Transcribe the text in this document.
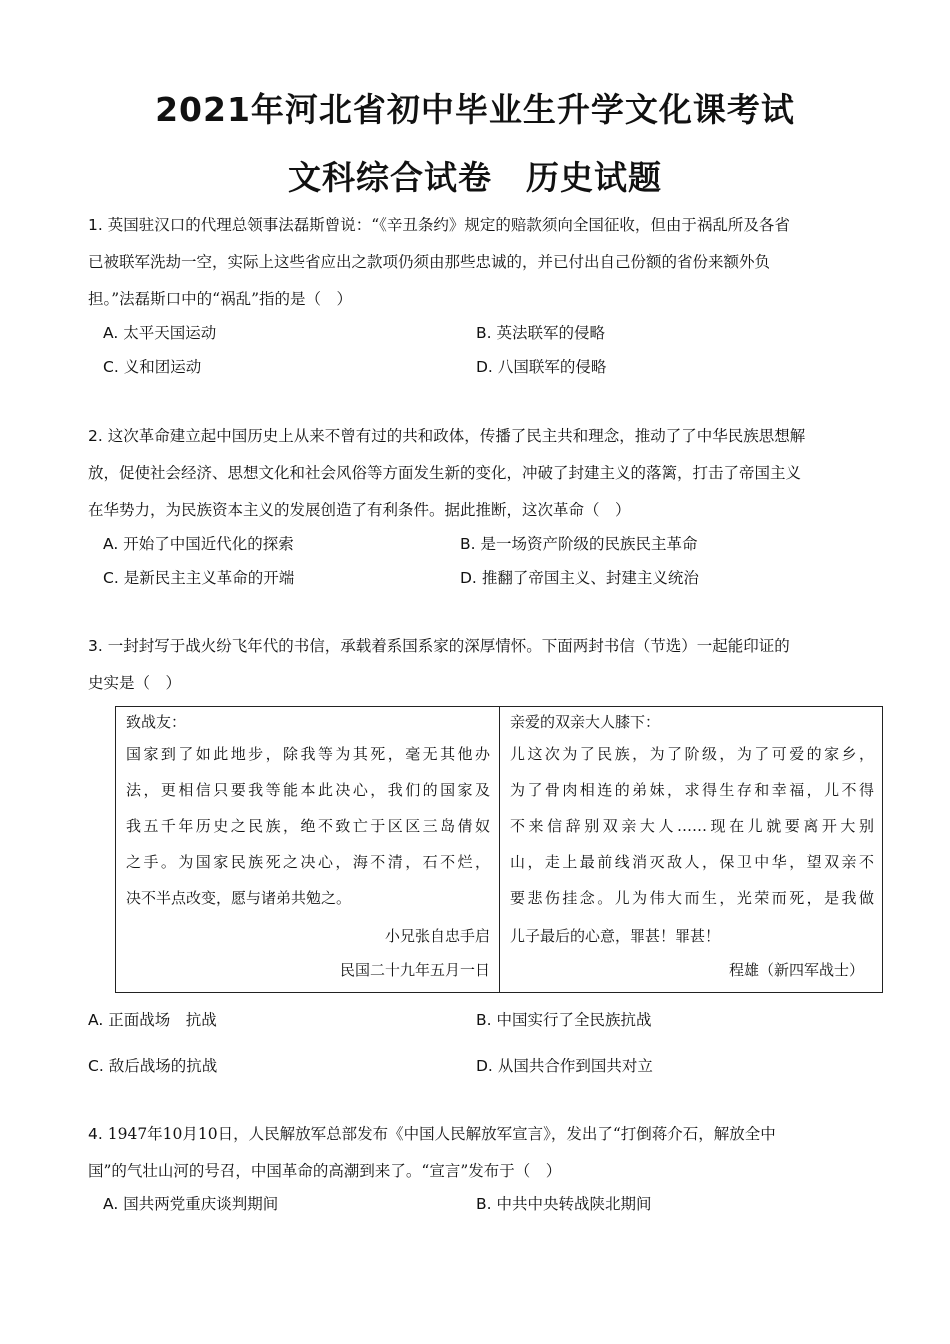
2021年河北省初中毕业生升学文化课考试
文科综合试卷　历史试题
1. 英国驻汉口的代理总领事法磊斯曾说：“《辛丑条约》规定的赔款须向全国征收，但由于祸乱所及各省
已被联军洗劫一空，实际上这些省应出之款项仍须由那些忠诚的，并已付出自己份额的省份来额外负
担。”法磊斯口中的“祸乱”指的是（　）
A. 太平天国运动	B. 英法联军的侵略
C. 义和团运动	D. 八国联军的侵略
2. 这次革命建立起中国历史上从来不曾有过的共和政体，传播了民主共和理念，推动了了中华民族思想解
放，促使社会经济、思想文化和社会风俗等方面发生新的变化，冲破了封建主义的落篱，打击了帝国主义
在华势力，为民族资本主义的发展创造了有利条件。据此推断，这次革命（　）
A. 开始了中国近代化的探索	B. 是一场资产阶级的民族民主革命
C. 是新民主主义革命的开端	D. 推翻了帝国主义、封建主义统治
3. 一封封写于战火纷飞年代的书信，承载着系国系家的深厚情怀。下面两封书信（节选）一起能印证的
史实是（　）
致战友：
国家到了如此地步，除我等为其死，毫无其他办
法，更相信只要我等能本此决心，我们的国家及
我五千年历史之民族，绝不致亡于区区三岛倩奴
之手。为国家民族死之决心，海不清，石不烂，
决不半点改变，愿与诸弟共勉之。
小兄张自忠手启
民国二十九年五月一日
亲爱的双亲大人膝下：
儿这次为了民族，为了阶级，为了可爱的家乡，
为了骨肉相连的弟妹，求得生存和幸福，儿不得
不来信辞别双亲大人……现在儿就要离开大别
山，走上最前线消灭敌人，保卫中华，望双亲不
要悲伤挂念。儿为伟大而生，光荣而死，是我做
儿子最后的心意，罪甚！罪甚！
程雄（新四军战士）
A. 正面战场　抗战	B. 中国实行了全民族抗战
C. 敌后战场的抗战	D. 从国共合作到国共对立
4. 1947年10月10日，人民解放军总部发布《中国人民解放军宣言》，发出了“打倒蒋介石，解放全中
国”的气壮山河的号召，中国革命的高潮到来了。“宣言”发布于（　）
A. 国共两党重庆谈判期间	B. 中共中央转战陕北期间
